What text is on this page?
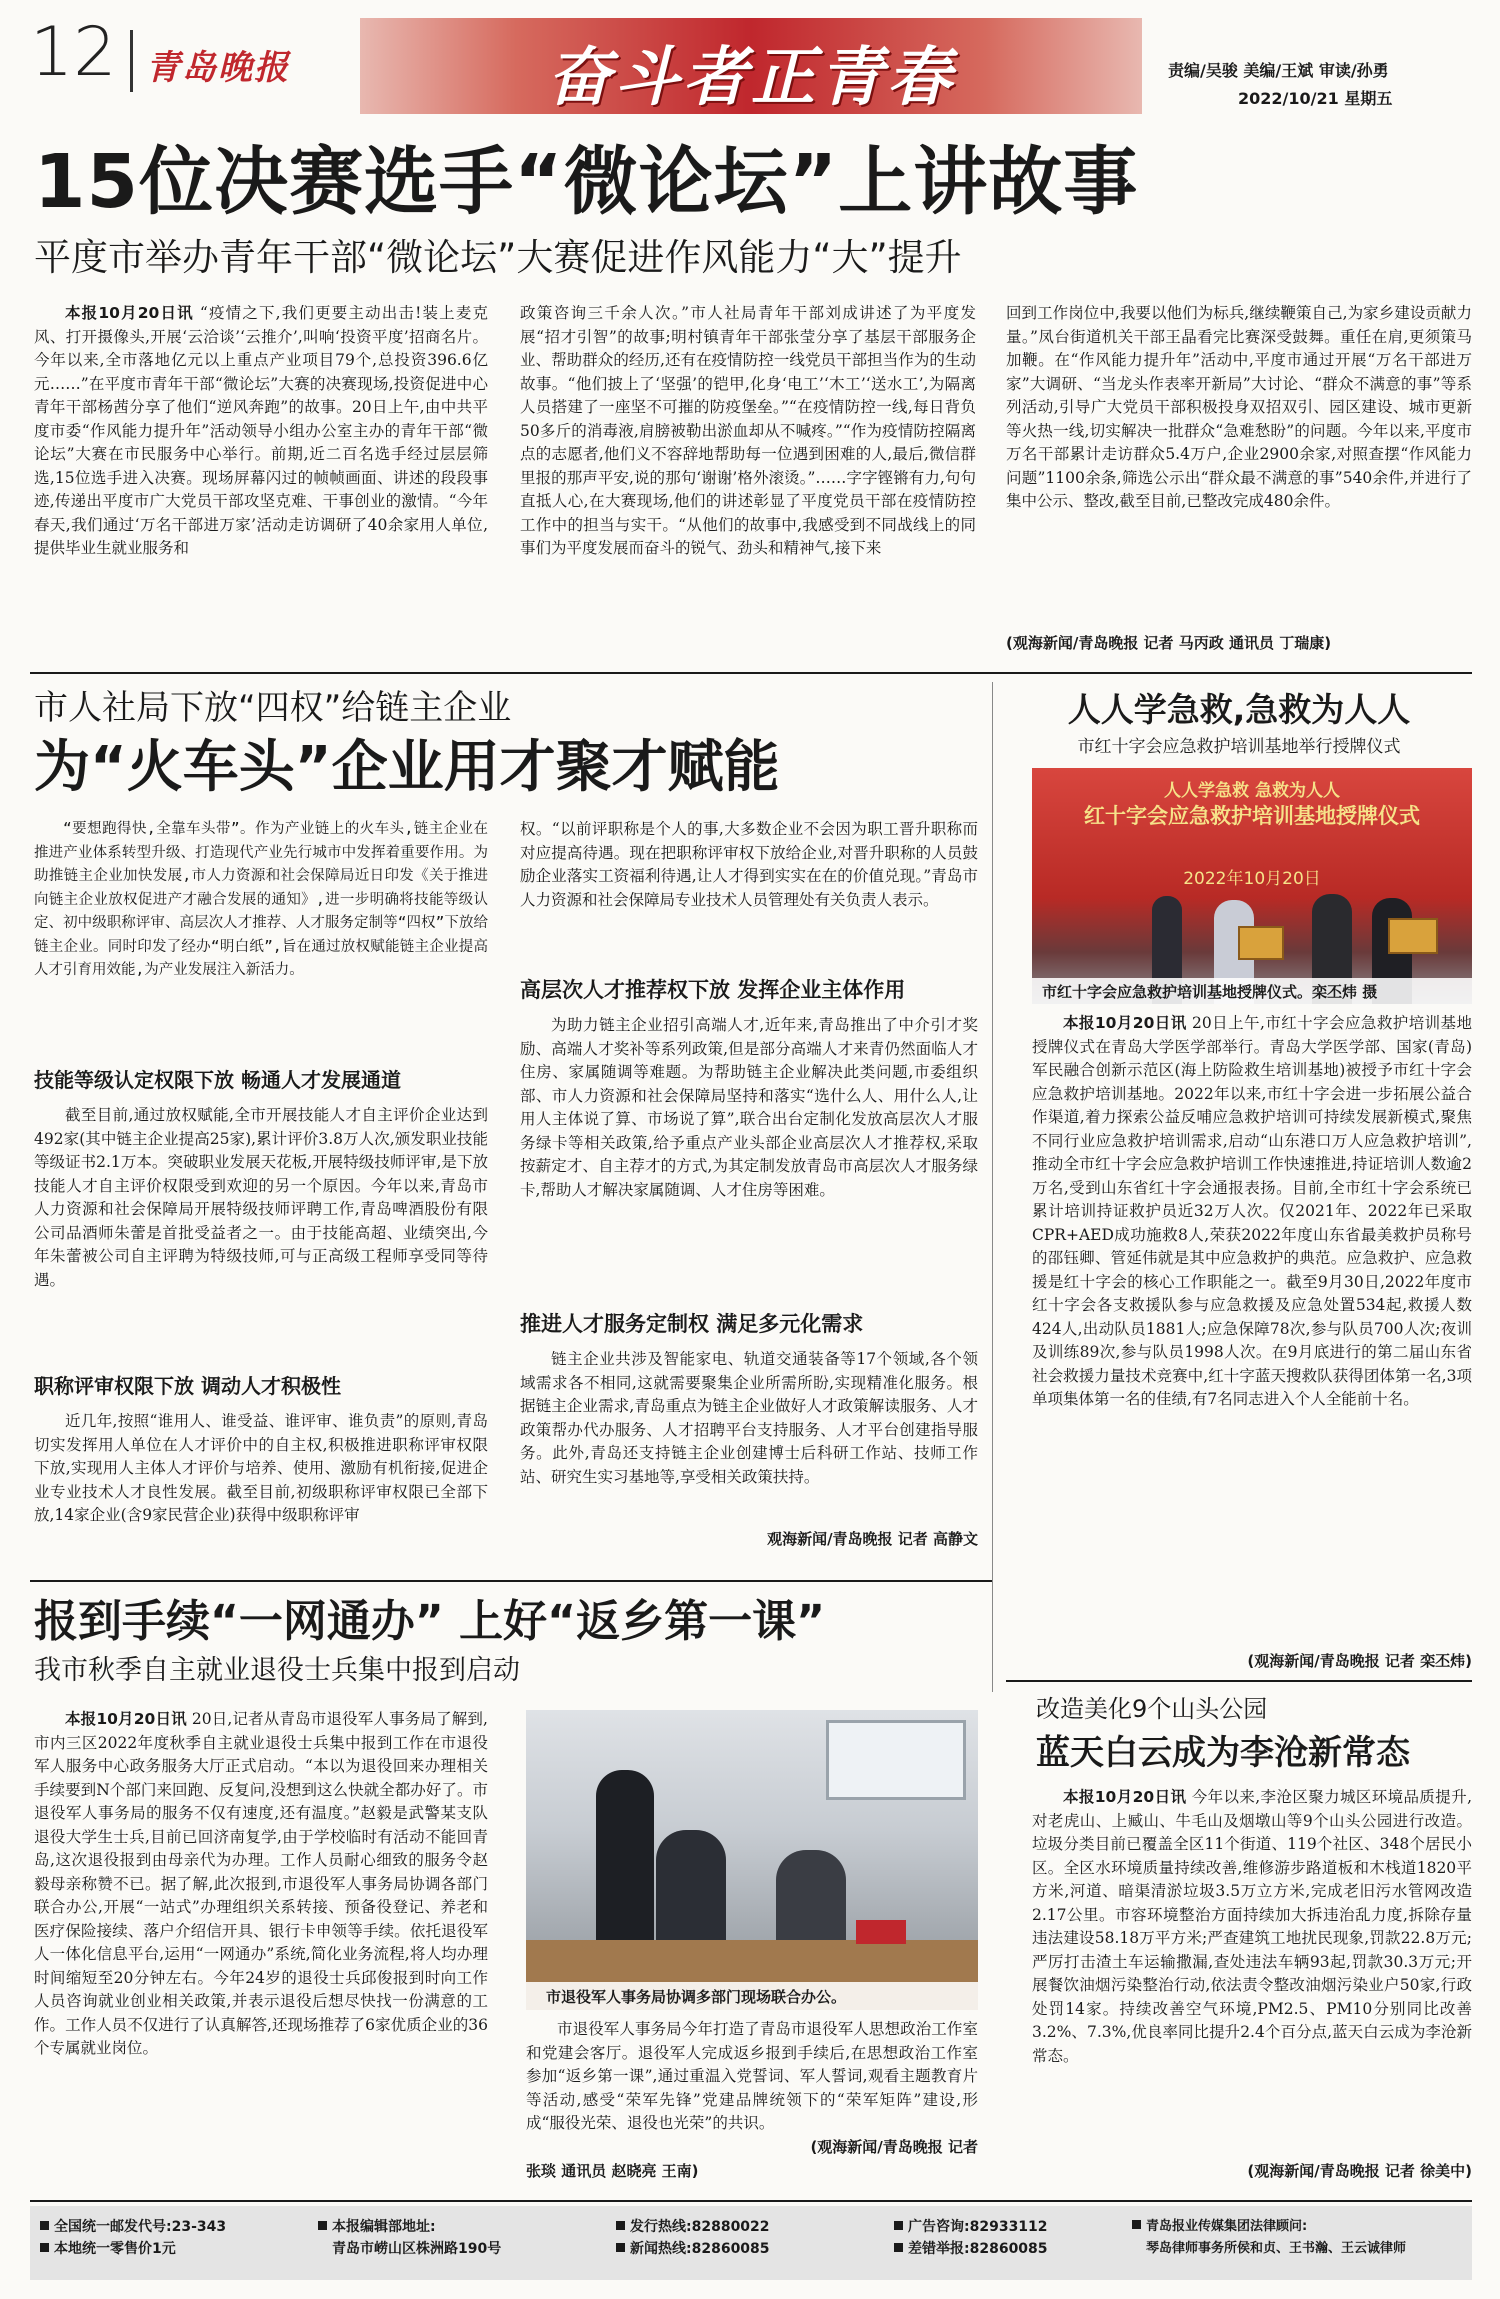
12 青岛晚报	奋斗者正青春	责编/吴骏 美编/王斌 审读/孙勇
2022/10/21 星期五
15位决赛选手“微论坛”上讲故事
平度市举办青年干部“微论坛”大赛促进作风能力“大”提升
本报10月20日讯 “疫情之下,我们更要主动出击!装上麦克风、打开摄像头,开展‘云洽谈’‘云推介’,叫响‘投资平度’招商名片。今年以来,全市落地亿元以上重点产业项目79个,总投资396.6亿元……”在平度市青年干部“微论坛”大赛的决赛现场,投资促进中心青年干部杨茜分享了他们“逆风奔跑”的故事。20日上午,由中共平度市委“作风能力提升年”活动领导小组办公室主办的青年干部“微论坛”大赛在市民服务中心举行。前期,近二百名选手经过层层筛选,15位选手进入决赛。现场屏幕闪过的帧帧画面、讲述的段段事迹,传递出平度市广大党员干部攻坚克难、干事创业的激情。“今年春天,我们通过‘万名干部进万家’活动走访调研了40余家用人单位,提供毕业生就业服务和
政策咨询三千余人次。”市人社局青年干部刘成讲述了为平度发展“招才引智”的故事;明村镇青年干部张莹分享了基层干部服务企业、帮助群众的经历,还有在疫情防控一线党员干部担当作为的生动故事。“他们披上了‘坚强’的铠甲,化身‘电工’‘木工’‘送水工’,为隔离人员搭建了一座坚不可摧的防疫堡垒。”“在疫情防控一线,每日背负50多斤的消毒液,肩膀被勒出淤血却从不喊疼。”“作为疫情防控隔离点的志愿者,他们义不容辞地帮助每一位遇到困难的人,最后,微信群里报的那声平安,说的那句‘谢谢’格外滚烫。”……字字铿锵有力,句句直抵人心,在大赛现场,他们的讲述彰显了平度党员干部在疫情防控工作中的担当与实干。“从他们的故事中,我感受到不同战线上的同事们为平度发展而奋斗的锐气、劲头和精神气,接下来
回到工作岗位中,我要以他们为标兵,继续鞭策自己,为家乡建设贡献力量。”凤台街道机关干部王晶看完比赛深受鼓舞。重任在肩,更须策马加鞭。在“作风能力提升年”活动中,平度市通过开展“万名干部进万家”大调研、“当龙头作表率开新局”大讨论、“群众不满意的事”等系列活动,引导广大党员干部积极投身双招双引、园区建设、城市更新等火热一线,切实解决一批群众“急难愁盼”的问题。今年以来,平度市万名干部累计走访群众5.4万户,企业2900余家,对照查摆“作风能力问题”1100余条,筛选公示出“群众最不满意的事”540余件,并进行了集中公示、整改,截至目前,已整改完成480余件。
(观海新闻/青岛晚报 记者 马丙政 通讯员 丁瑞康)
市人社局下放“四权”给链主企业
为“火车头”企业用才聚才赋能
“要想跑得快,全靠车头带”。作为产业链上的火车头,链主企业在推进产业体系转型升级、打造现代产业先行城市中发挥着重要作用。为助推链主企业加快发展,市人力资源和社会保障局近日印发《关于推进向链主企业放权促进产才融合发展的通知》,进一步明确将技能等级认定、初中级职称评审、高层次人才推荐、人才服务定制等“四权”下放给链主企业。同时印发了经办“明白纸”,旨在通过放权赋能链主企业提高人才引育用效能,为产业发展注入新活力。
技能等级认定权限下放 畅通人才发展通道
截至目前,通过放权赋能,全市开展技能人才自主评价企业达到492家(其中链主企业提高25家),累计评价3.8万人次,颁发职业技能等级证书2.1万本。突破职业发展天花板,开展特级技师评审,是下放技能人才自主评价权限受到欢迎的另一个原因。今年以来,青岛市人力资源和社会保障局开展特级技师评聘工作,青岛啤酒股份有限公司品酒师朱蕾是首批受益者之一。由于技能高超、业绩突出,今年朱蕾被公司自主评聘为特级技师,可与正高级工程师享受同等待遇。
职称评审权限下放 调动人才积极性
近几年,按照“谁用人、谁受益、谁评审、谁负责”的原则,青岛切实发挥用人单位在人才评价中的自主权,积极推进职称评审权限下放,实现用人主体人才评价与培养、使用、激励有机衔接,促进企业专业技术人才良性发展。截至目前,初级职称评审权限已全部下放,14家企业(含9家民营企业)获得中级职称评审
权。“以前评职称是个人的事,大多数企业不会因为职工晋升职称而对应提高待遇。现在把职称评审权下放给企业,对晋升职称的人员鼓励企业落实工资福利待遇,让人才得到实实在在的价值兑现。”青岛市人力资源和社会保障局专业技术人员管理处有关负责人表示。
高层次人才推荐权下放 发挥企业主体作用
为助力链主企业招引高端人才,近年来,青岛推出了中介引才奖励、高端人才奖补等系列政策,但是部分高端人才来青仍然面临人才住房、家属随调等难题。为帮助链主企业解决此类问题,市委组织部、市人力资源和社会保障局坚持和落实“选什么人、用什么人,让用人主体说了算、市场说了算”,联合出台定制化发放高层次人才服务绿卡等相关政策,给予重点产业头部企业高层次人才推荐权,采取按薪定才、自主荐才的方式,为其定制发放青岛市高层次人才服务绿卡,帮助人才解决家属随调、人才住房等困难。
推进人才服务定制权 满足多元化需求
链主企业共涉及智能家电、轨道交通装备等17个领域,各个领域需求各不相同,这就需要聚集企业所需所盼,实现精准化服务。根据链主企业需求,青岛重点为链主企业做好人才政策解读服务、人才政策帮办代办服务、人才招聘平台支持服务、人才平台创建指导服务。此外,青岛还支持链主企业创建博士后科研工作站、技师工作站、研究生实习基地等,享受相关政策扶持。
观海新闻/青岛晚报 记者 高静文
人人学急救,急救为人人
市红十字会应急救护培训基地举行授牌仪式
人人学急救 急救为人人
红十字会应急救护培训基地授牌仪式
2022年10月20日
市红十字会应急救护培训基地授牌仪式。栾丕炜 摄
本报10月20日讯 20日上午,市红十字会应急救护培训基地授牌仪式在青岛大学医学部举行。青岛大学医学部、国家(青岛)军民融合创新示范区(海上防险救生培训基地)被授予市红十字会应急救护培训基地。2022年以来,市红十字会进一步拓展公益合作渠道,着力探索公益反哺应急救护培训可持续发展新模式,聚焦不同行业应急救护培训需求,启动“山东港口万人应急救护培训”,推动全市红十字会应急救护培训工作快速推进,持证培训人数逾2万名,受到山东省红十字会通报表扬。目前,全市红十字会系统已累计培训持证救护员近32万人次。仅2021年、2022年已采取CPR+AED成功施救8人,荣获2022年度山东省最美救护员称号的邵钰卿、管延伟就是其中应急救护的典范。应急救护、应急救援是红十字会的核心工作职能之一。截至9月30日,2022年度市红十字会各支救援队参与应急救援及应急处置534起,救援人数424人,出动队员1881人;应急保障78次,参与队员700人次;夜训及训练89次,参与队员1998人次。在9月底进行的第二届山东省社会救援力量技术竞赛中,红十字蓝天搜救队获得团体第一名,3项单项集体第一名的佳绩,有7名同志进入个人全能前十名。
(观海新闻/青岛晚报 记者 栾丕炜)
报到手续“一网通办” 上好“返乡第一课”
我市秋季自主就业退役士兵集中报到启动
本报10月20日讯 20日,记者从青岛市退役军人事务局了解到,市内三区2022年度秋季自主就业退役士兵集中报到工作在市退役军人服务中心政务服务大厅正式启动。“本以为退役回来办理相关手续要到N个部门来回跑、反复问,没想到这么快就全都办好了。市退役军人事务局的服务不仅有速度,还有温度。”赵毅是武警某支队退役大学生士兵,目前已回济南复学,由于学校临时有活动不能回青岛,这次退役报到由母亲代为办理。工作人员耐心细致的服务令赵毅母亲称赞不已。据了解,此次报到,市退役军人事务局协调各部门联合办公,开展“一站式”办理组织关系转接、预备役登记、养老和医疗保险接续、落户介绍信开具、银行卡申领等手续。依托退役军人一体化信息平台,运用“一网通办”系统,简化业务流程,将人均办理时间缩短至20分钟左右。今年24岁的退役士兵邱俊报到时向工作人员咨询就业创业相关政策,并表示退役后想尽快找一份满意的工作。工作人员不仅进行了认真解答,还现场推荐了6家优质企业的36个专属就业岗位。
市退役军人事务局协调多部门现场联合办公。
市退役军人事务局今年打造了青岛市退役军人思想政治工作室和党建会客厅。退役军人完成返乡报到手续后,在思想政治工作室参加“返乡第一课”,通过重温入党誓词、军人誓词,观看主题教育片等活动,感受“荣军先锋”党建品牌统领下的“荣军矩阵”建设,形成“服役光荣、退役也光荣”的共识。
(观海新闻/青岛晚报 记者
张琰 通讯员 赵晓亮 王南)
改造美化9个山头公园
蓝天白云成为李沧新常态
本报10月20日讯 今年以来,李沧区聚力城区环境品质提升,对老虎山、上臧山、牛毛山及烟墩山等9个山头公园进行改造。垃圾分类目前已覆盖全区11个街道、119个社区、348个居民小区。全区水环境质量持续改善,维修游步路道板和木栈道1820平方米,河道、暗渠清淤垃圾3.5万立方米,完成老旧污水管网改造2.17公里。市容环境整治方面持续加大拆违治乱力度,拆除存量违法建设58.18万平方米;严查建筑工地扰民现象,罚款22.8万元;严厉打击渣土车运输撒漏,查处违法车辆93起,罚款30.3万元;开展餐饮油烟污染整治行动,依法责令整改油烟污染业户50家,行政处罚14家。持续改善空气环境,PM2.5、PM10分别同比改善3.2%、7.3%,优良率同比提升2.4个百分点,蓝天白云成为李沧新常态。
(观海新闻/青岛晚报 记者 徐美中)
全国统一邮发代号:23-343
本地统一零售价1元
本报编辑部地址:
青岛市崂山区株洲路190号
发行热线:82880022
新闻热线:82860085
广告咨询:82933112
差错举报:82860085
青岛报业传媒集团法律顾问:
琴岛律师事务所侯和贞、王书瀚、王云诚律师
